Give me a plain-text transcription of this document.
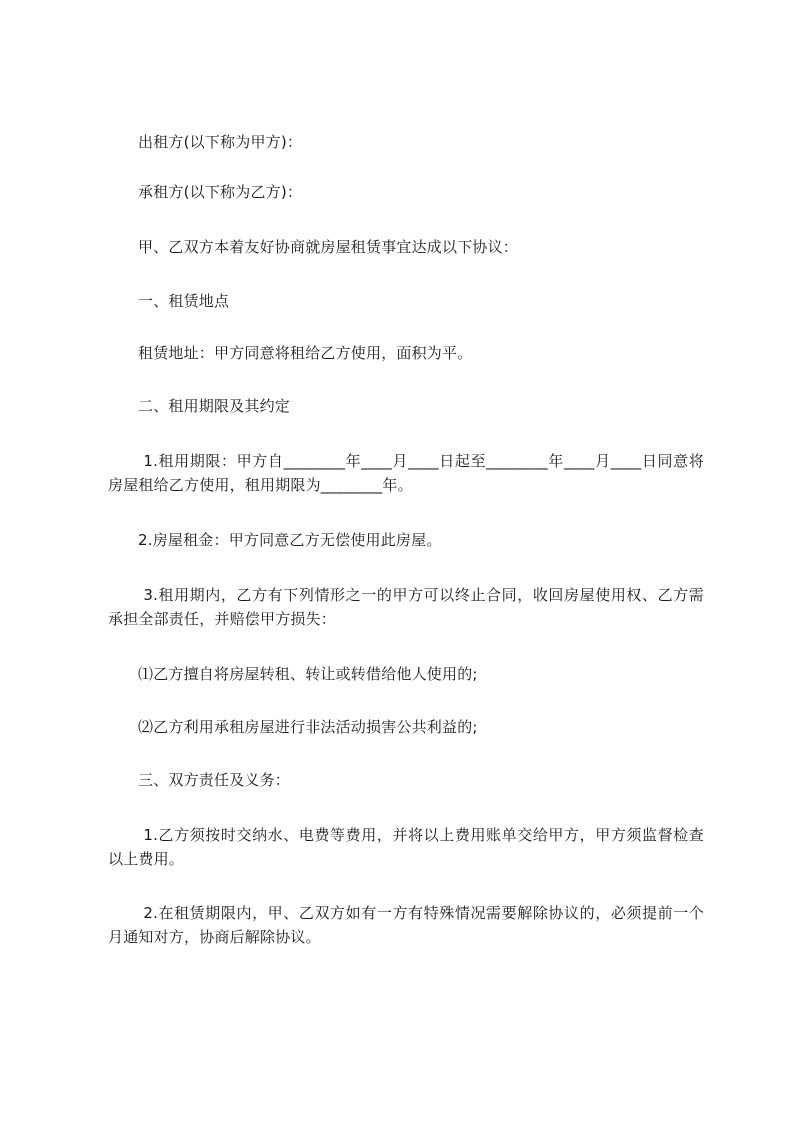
出租方(以下称为甲方)：

承租方(以下称为乙方)：

甲、乙双方本着友好协商就房屋租赁事宜达成以下协议：

一、租赁地点

租赁地址：甲方同意将租给乙方使用，面积为平。

二、租用期限及其约定

1.租用期限：甲方自________年____月____日起至________年____月____日同意将房屋租给乙方使用，租用期限为________年。

2.房屋租金：甲方同意乙方无偿使用此房屋。

3.租用期内，乙方有下列情形之一的甲方可以终止合同，收回房屋使用权、乙方需承担全部责任，并赔偿甲方损失：

⑴乙方擅自将房屋转租、转让或转借给他人使用的;

⑵乙方利用承租房屋进行非法活动损害公共利益的;

三、双方责任及义务：

1.乙方须按时交纳水、电费等费用，并将以上费用账单交给甲方，甲方须监督检查以上费用。

2.在租赁期限内，甲、乙双方如有一方有特殊情况需要解除协议的，必须提前一个月通知对方，协商后解除协议。
